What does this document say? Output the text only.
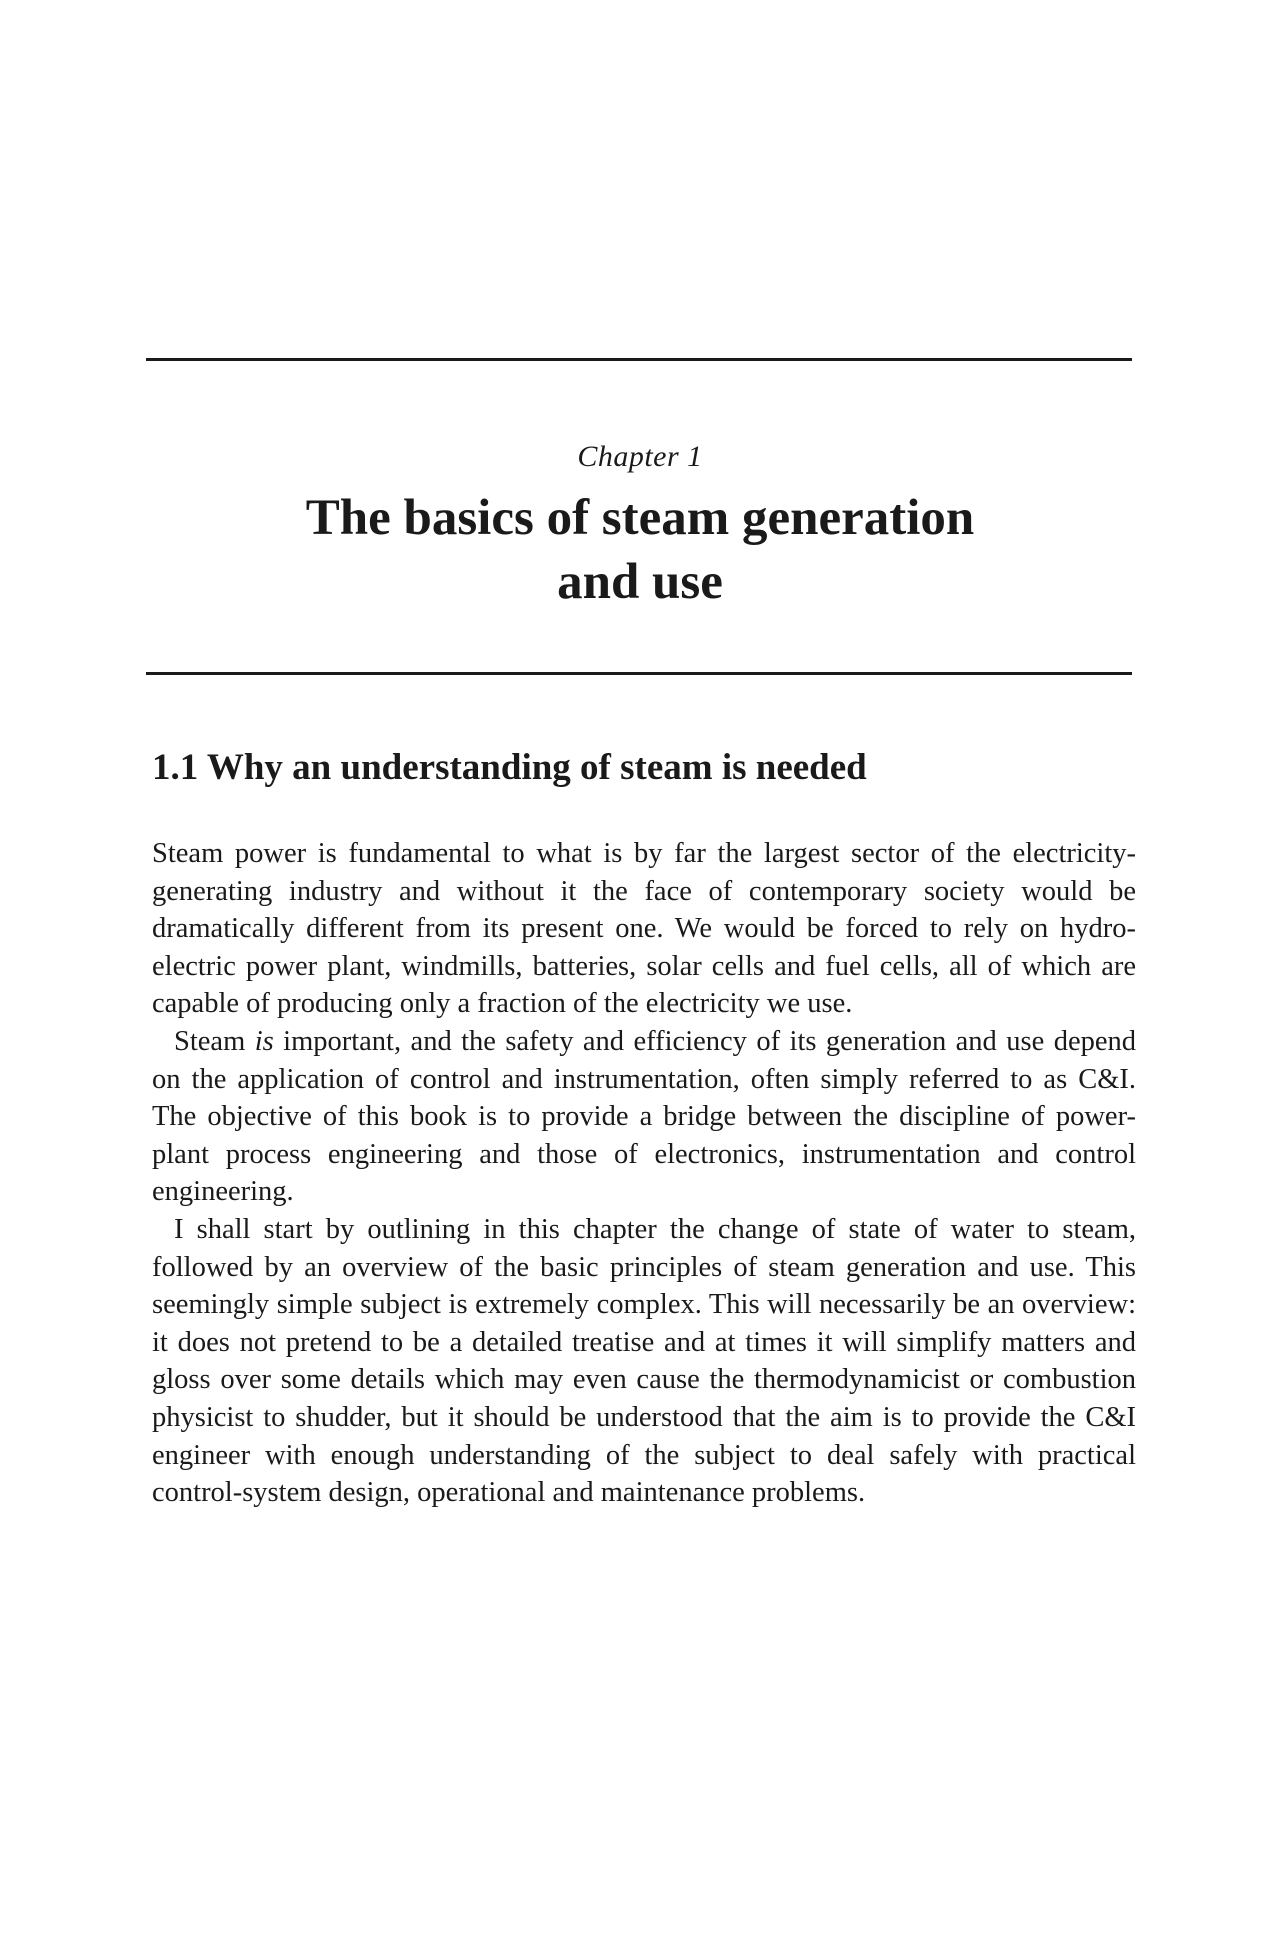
Chapter 1
The basics of steam generation
and use
1.1 Why an understanding of steam is needed

Steam power is fundamental to what is by far the largest sector of the electricity-generating industry and without it the face of contemporary society would be dramatically different from its present one. We would be forced to rely on hydro-electric power plant, windmills, batteries, solar cells and fuel cells, all of which are capable of producing only a fraction of the electricity we use.

Steam is important, and the safety and efficiency of its generation and use depend on the application of control and instrumentation, often simply referred to as C&I. The objective of this book is to provide a bridge between the discipline of power-plant process engineering and those of electronics, instrumentation and control engineering.

I shall start by outlining in this chapter the change of state of water to steam, followed by an overview of the basic principles of steam generation and use. This seemingly simple subject is extremely complex. This will necessarily be an overview: it does not pretend to be a detailed treatise and at times it will simplify matters and gloss over some details which may even cause the thermodynamicist or combustion physicist to shudder, but it should be understood that the aim is to provide the C&I engineer with enough understanding of the subject to deal safely with practical control-system design, operational and maintenance problems.
